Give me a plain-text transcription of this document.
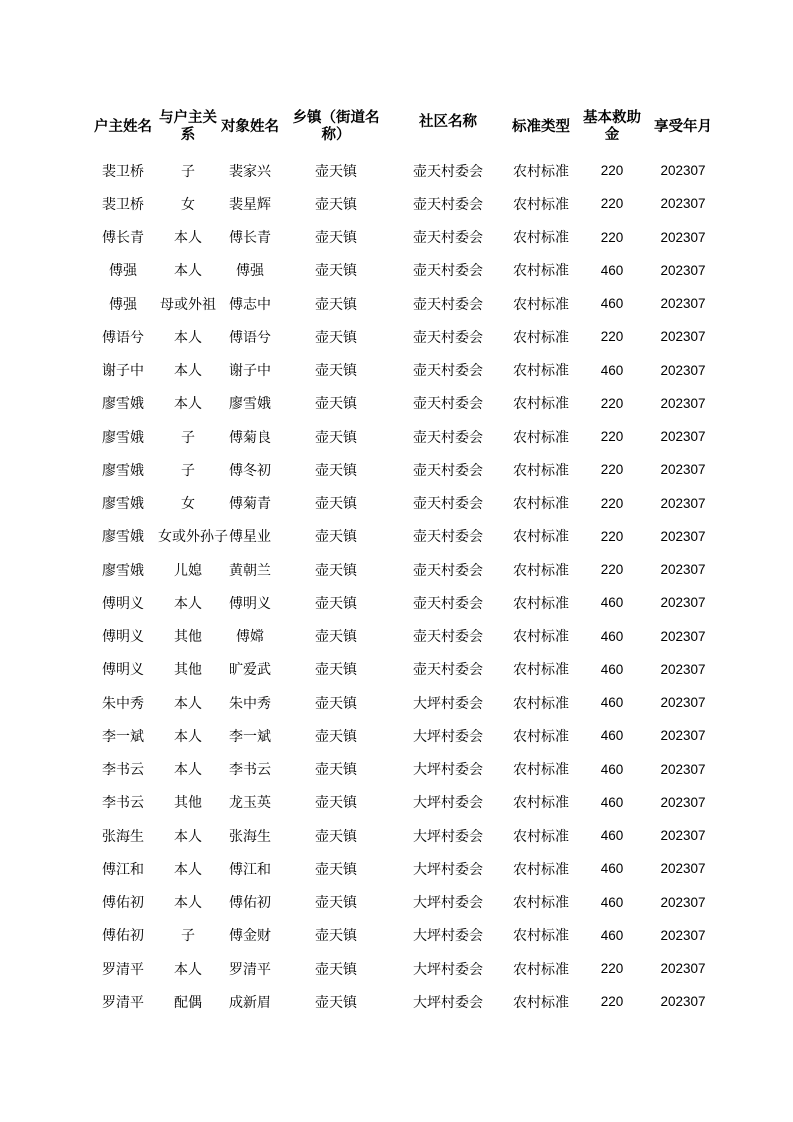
户主姓名	与户主关系	对象姓名	乡镇（街道名称）	社区名称	标准类型	基本救助金	享受年月
裴卫桥	子	裴家兴	壶天镇	壶天村委会	农村标准	220	202307
裴卫桥	女	裴星辉	壶天镇	壶天村委会	农村标准	220	202307
傅长青	本人	傅长青	壶天镇	壶天村委会	农村标准	220	202307
傅强	本人	傅强	壶天镇	壶天村委会	农村标准	460	202307
傅强	母或外祖	傅志中	壶天镇	壶天村委会	农村标准	460	202307
傅语兮	本人	傅语兮	壶天镇	壶天村委会	农村标准	220	202307
谢子中	本人	谢子中	壶天镇	壶天村委会	农村标准	460	202307
廖雪娥	本人	廖雪娥	壶天镇	壶天村委会	农村标准	220	202307
廖雪娥	子	傅菊良	壶天镇	壶天村委会	农村标准	220	202307
廖雪娥	子	傅冬初	壶天镇	壶天村委会	农村标准	220	202307
廖雪娥	女	傅菊青	壶天镇	壶天村委会	农村标准	220	202307
廖雪娥	女或外孙子	傅星业	壶天镇	壶天村委会	农村标准	220	202307
廖雪娥	儿媳	黄朝兰	壶天镇	壶天村委会	农村标准	220	202307
傅明义	本人	傅明义	壶天镇	壶天村委会	农村标准	460	202307
傅明义	其他	傅嫦	壶天镇	壶天村委会	农村标准	460	202307
傅明义	其他	旷爱武	壶天镇	壶天村委会	农村标准	460	202307
朱中秀	本人	朱中秀	壶天镇	大坪村委会	农村标准	460	202307
李一斌	本人	李一斌	壶天镇	大坪村委会	农村标准	460	202307
李书云	本人	李书云	壶天镇	大坪村委会	农村标准	460	202307
李书云	其他	龙玉英	壶天镇	大坪村委会	农村标准	460	202307
张海生	本人	张海生	壶天镇	大坪村委会	农村标准	460	202307
傅江和	本人	傅江和	壶天镇	大坪村委会	农村标准	460	202307
傅佑初	本人	傅佑初	壶天镇	大坪村委会	农村标准	460	202307
傅佑初	子	傅金财	壶天镇	大坪村委会	农村标准	460	202307
罗清平	本人	罗清平	壶天镇	大坪村委会	农村标准	220	202307
罗清平	配偶	成新眉	壶天镇	大坪村委会	农村标准	220	202307
